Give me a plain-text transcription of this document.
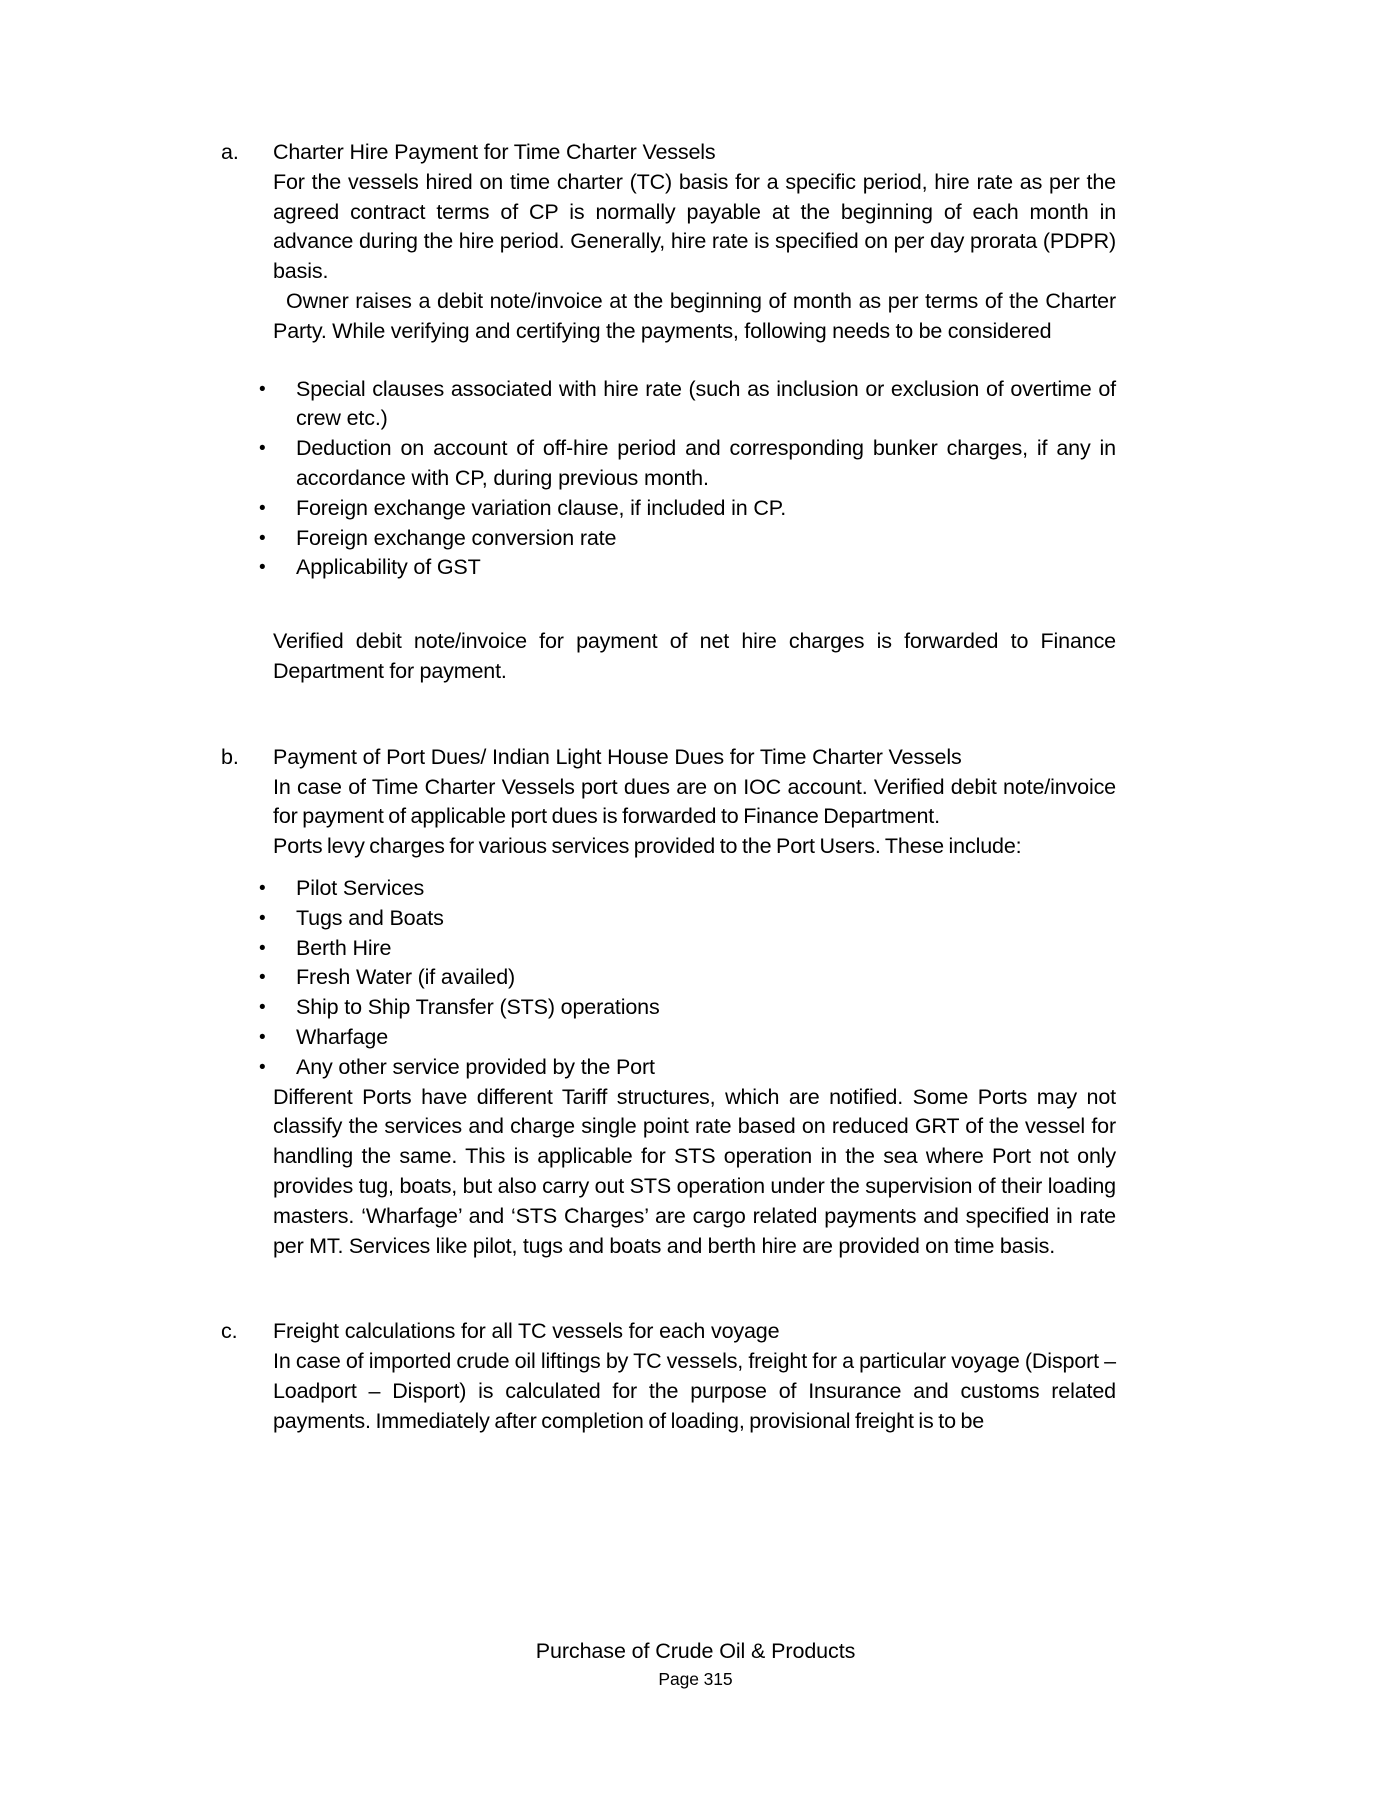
a.	Charter Hire Payment for Time Charter Vessels

For the vessels hired on time charter (TC) basis for a specific period, hire rate as per the agreed contract terms of CP is normally payable at the beginning of each month in advance during the hire period. Generally, hire rate is specified on per day prorata (PDPR) basis.

Owner raises a debit note/invoice at the beginning of month as per terms of the Charter Party. While verifying and certifying the payments, following needs to be considered

• Special clauses associated with hire rate (such as inclusion or exclusion of overtime of crew etc.)
• Deduction on account of off-hire period and corresponding bunker charges, if any in accordance with CP, during previous month.
• Foreign exchange variation clause, if included in CP.
• Foreign exchange conversion rate
• Applicability of GST

Verified debit note/invoice for payment of net hire charges is forwarded to Finance Department for payment.

b.	Payment of Port Dues/ Indian Light House Dues for Time Charter Vessels

In case of Time Charter Vessels port dues are on IOC account. Verified debit note/invoice for payment of applicable port dues is forwarded to Finance Department.

Ports levy charges for various services provided to the Port Users. These include:

• Pilot Services
• Tugs and Boats
• Berth Hire
• Fresh Water (if availed)
• Ship to Ship Transfer (STS) operations
• Wharfage
• Any other service provided by the Port

Different Ports have different Tariff structures, which are notified. Some Ports may not classify the services and charge single point rate based on reduced GRT of the vessel for handling the same. This is applicable for STS operation in the sea where Port not only provides tug, boats, but also carry out STS operation under the supervision of their loading masters. ‘Wharfage’ and ‘STS Charges’ are cargo related payments and specified in rate per MT. Services like pilot, tugs and boats and berth hire are provided on time basis.

c.	Freight calculations for all TC vessels for each voyage

In case of imported crude oil liftings by TC vessels, freight for a particular voyage (Disport – Loadport – Disport) is calculated for the purpose of Insurance and customs related payments. Immediately after completion of loading, provisional freight is to be

Purchase of Crude Oil & Products
Page 315
